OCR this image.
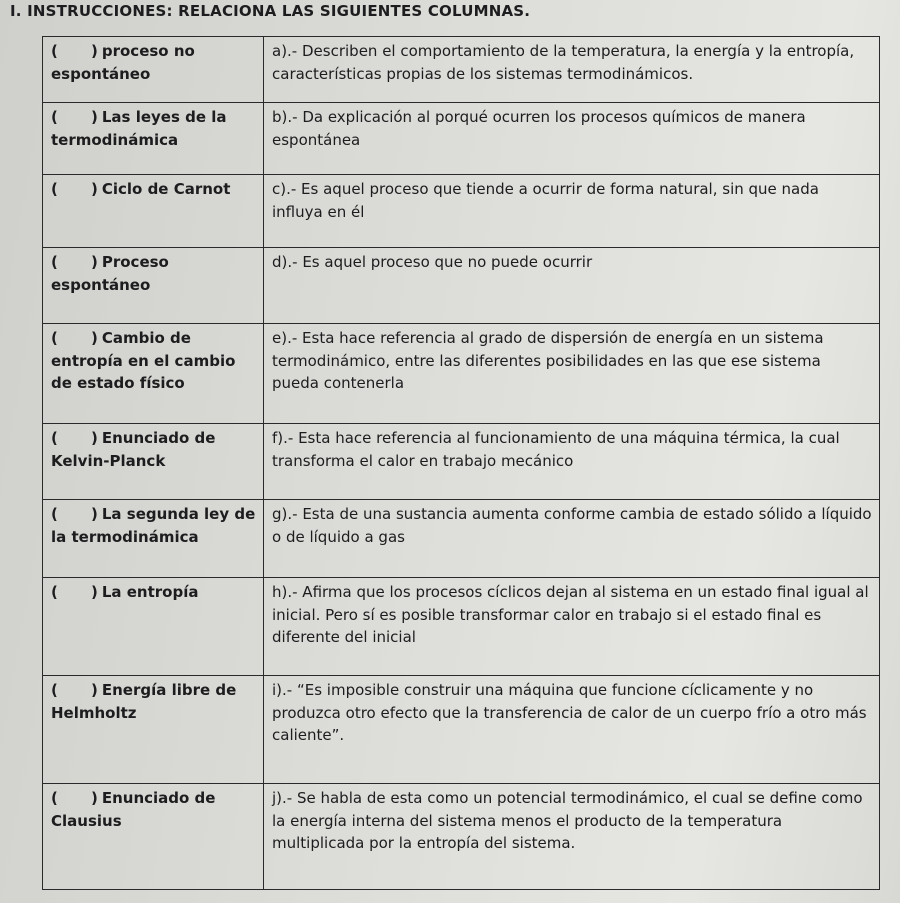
I. INSTRUCCIONES: RELACIONA LAS SIGUIENTES COLUMNAS.
( ) proceso no espontáneo	a).- Describen el comportamiento de la temperatura, la energía y la entropía, características propias de los sistemas termodinámicos.
( ) Las leyes de la termodinámica	b).- Da explicación al porqué ocurren los procesos químicos de manera espontánea
( ) Ciclo de Carnot	c).- Es aquel proceso que tiende a ocurrir de forma natural, sin que nada influya en él
( ) Proceso espontáneo	d).- Es aquel proceso que no puede ocurrir
( ) Cambio de entropía en el cambio de estado físico	e).- Esta hace referencia al grado de dispersión de energía en un sistema termodinámico, entre las diferentes posibilidades en las que ese sistema pueda contenerla
( ) Enunciado de Kelvin-Planck	f).- Esta hace referencia al funcionamiento de una máquina térmica, la cual transforma el calor en trabajo mecánico
( ) La segunda ley de la termodinámica	g).- Esta de una sustancia aumenta conforme cambia de estado sólido a líquido o de líquido a gas
( ) La entropía	h).- Afirma que los procesos cíclicos dejan al sistema en un estado final igual al inicial. Pero sí es posible transformar calor en trabajo si el estado final es diferente del inicial
( ) Energía libre de Helmholtz	i).- “Es imposible construir una máquina que funcione cíclicamente y no produzca otro efecto que la transferencia de calor de un cuerpo frío a otro más caliente”.
( ) Enunciado de Clausius	j).- Se habla de esta como un potencial termodinámico, el cual se define como la energía interna del sistema menos el producto de la temperatura multiplicada por la entropía del sistema.
